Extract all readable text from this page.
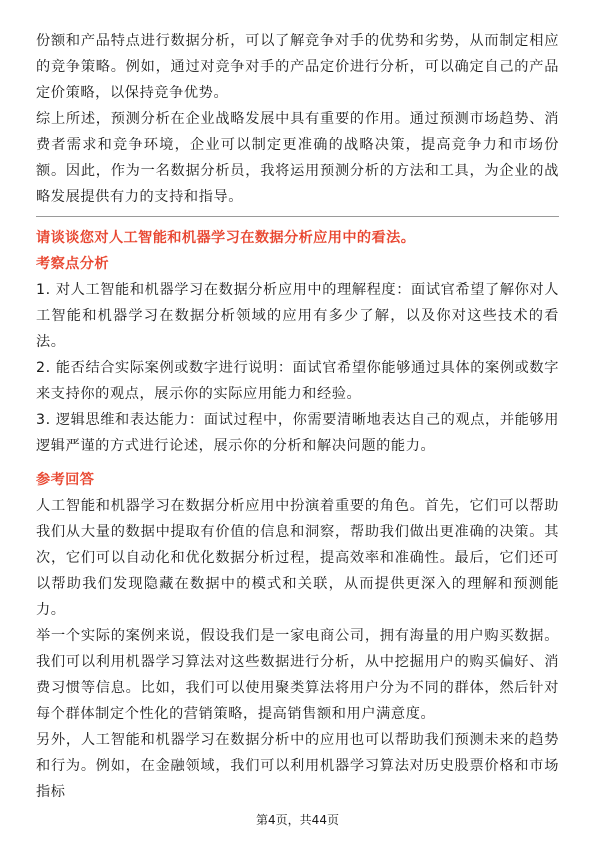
份额和产品特点进行数据分析，可以了解竞争对手的优势和劣势，从而制定相应的竞争策略。例如，通过对竞争对手的产品定价进行分析，可以确定自己的产品定价策略，以保持竞争优势。

综上所述，预测分析在企业战略发展中具有重要的作用。通过预测市场趋势、消费者需求和竞争环境，企业可以制定更准确的战略决策，提高竞争力和市场份额。因此，作为一名数据分析员，我将运用预测分析的方法和工具，为企业的战略发展提供有力的支持和指导。

请谈谈您对人工智能和机器学习在数据分析应用中的看法。

考察点分析

1. 对人工智能和机器学习在数据分析应用中的理解程度：面试官希望了解你对人工智能和机器学习在数据分析领域的应用有多少了解，以及你对这些技术的看法。

2. 能否结合实际案例或数字进行说明：面试官希望你能够通过具体的案例或数字来支持你的观点，展示你的实际应用能力和经验。

3. 逻辑思维和表达能力：面试过程中，你需要清晰地表达自己的观点，并能够用逻辑严谨的方式进行论述，展示你的分析和解决问题的能力。

参考回答

人工智能和机器学习在数据分析应用中扮演着重要的角色。首先，它们可以帮助我们从大量的数据中提取有价值的信息和洞察，帮助我们做出更准确的决策。其次，它们可以自动化和优化数据分析过程，提高效率和准确性。最后，它们还可以帮助我们发现隐藏在数据中的模式和关联，从而提供更深入的理解和预测能力。

举一个实际的案例来说，假设我们是一家电商公司，拥有海量的用户购买数据。我们可以利用机器学习算法对这些数据进行分析，从中挖掘用户的购买偏好、消费习惯等信息。比如，我们可以使用聚类算法将用户分为不同的群体，然后针对每个群体制定个性化的营销策略，提高销售额和用户满意度。

另外，人工智能和机器学习在数据分析中的应用也可以帮助我们预测未来的趋势和行为。例如，在金融领域，我们可以利用机器学习算法对历史股票价格和市场指标

第4页，共44页
